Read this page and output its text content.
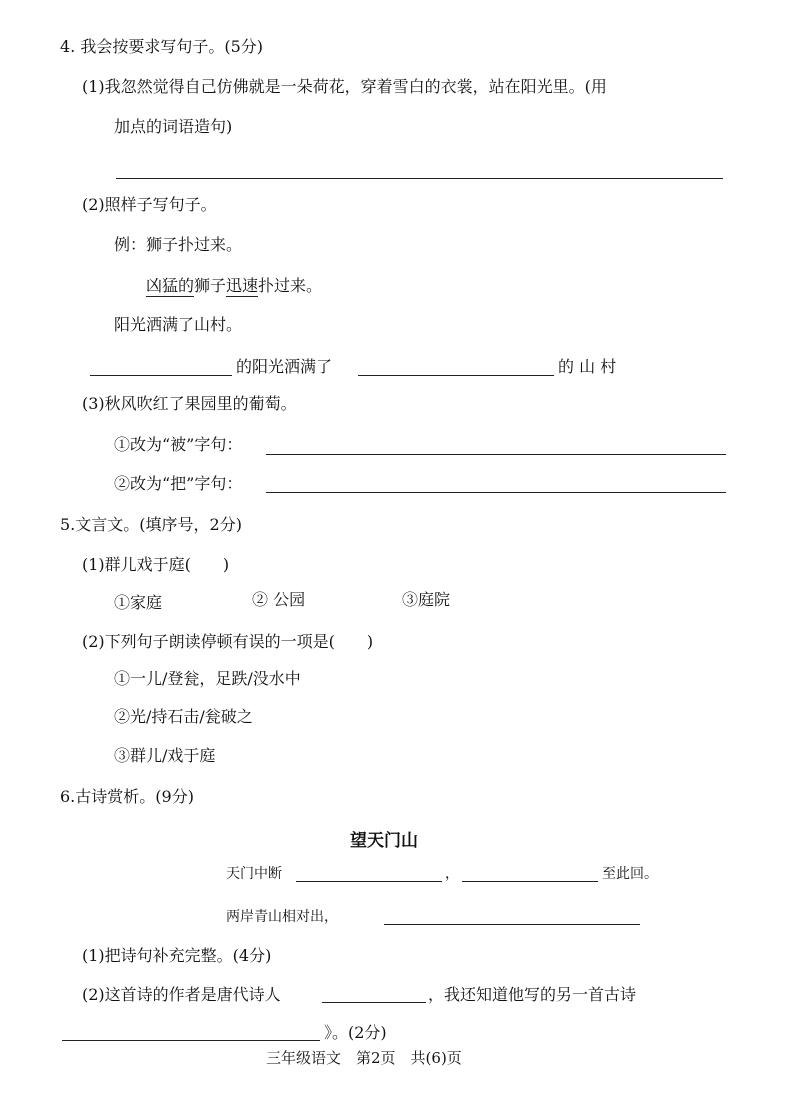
4. 我会按要求写句子。(5分)
(1)我忽然觉得自己仿佛就是一朵荷花，穿着雪白的衣裳，站在阳光里。(用
加点的词语造句)
(2)照样子写句子。
例：狮子扑过来。
凶猛的狮子迅速扑过来。
阳光洒满了山村。
的阳光洒满了	的 山 村
(3)秋风吹红了果园里的葡萄。
①改为“被”字句：
②改为“把”字句：
5.文言文。(填序号，2分)
(1)群儿戏于庭(　　)
①家庭	② 公园	③庭院
(2)下列句子朗读停顿有误的一项是(　　)
①一儿/登瓮，足跌/没水中
②光/持石击/瓮破之
③群儿/戏于庭
6.古诗赏析。(9分)
望天门山
天门中断	，	至此回。
两岸青山相对出，
(1)把诗句补充完整。(4分)
(2)这首诗的作者是唐代诗人	，我还知道他写的另一首古诗
》。(2分)
三年级语文　第2页　共(6)页
